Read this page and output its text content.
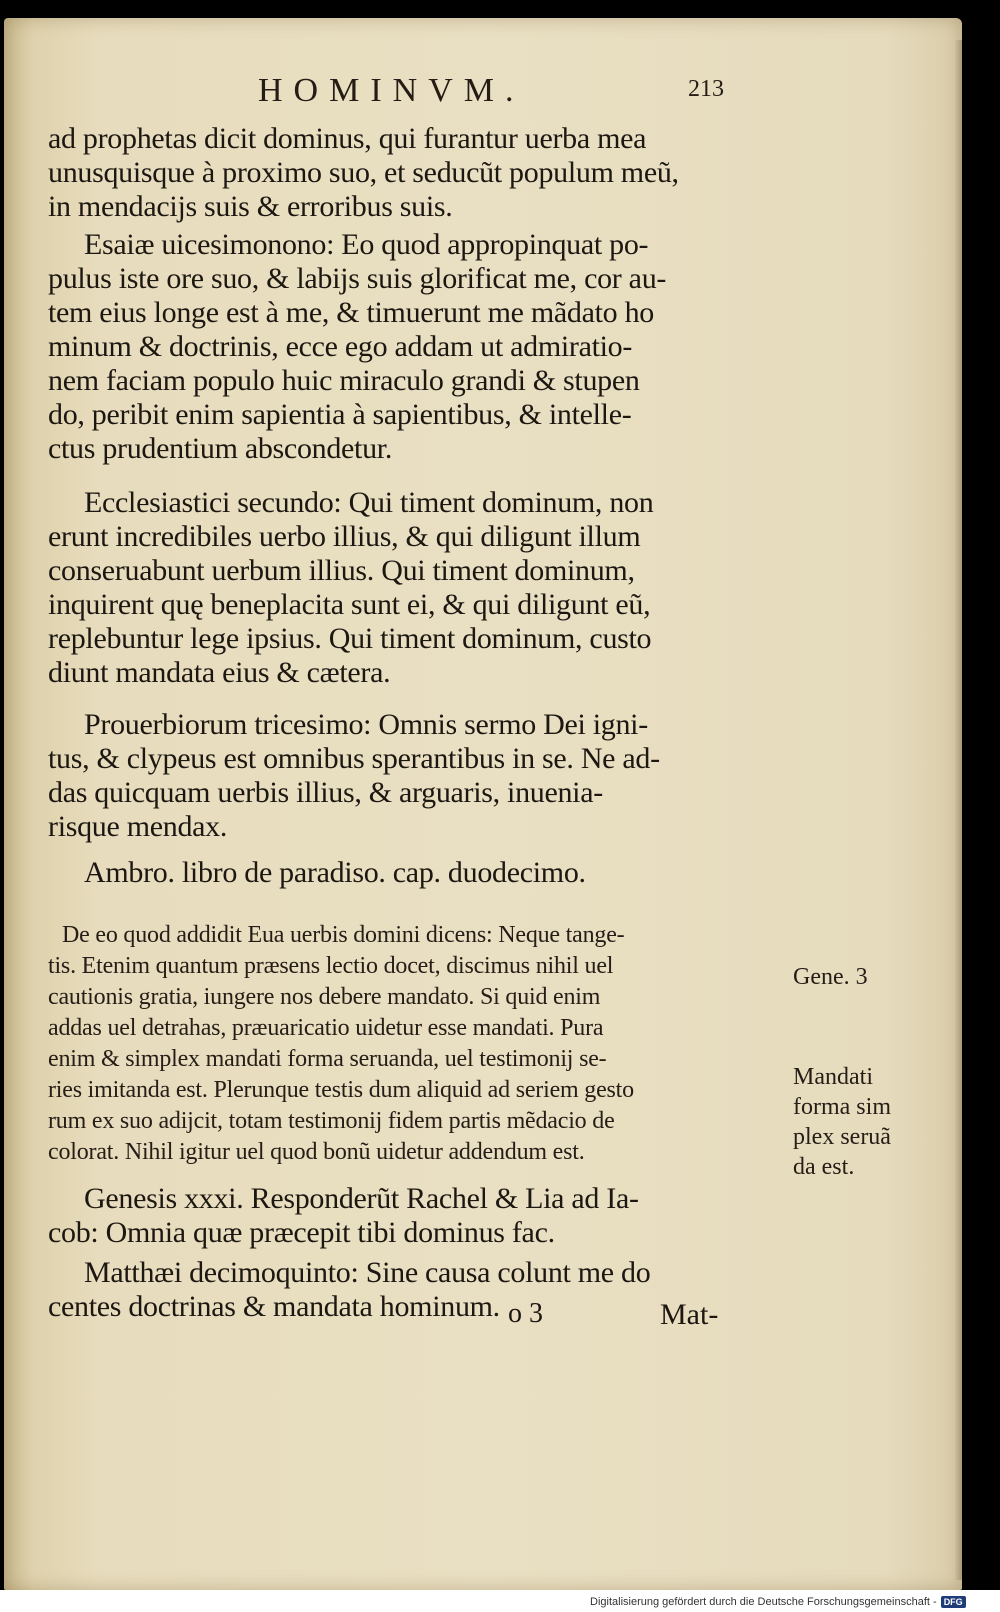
HOMINVM.	213
ad prophetas dicit dominus, qui furantur uerba mea
unusquisque à proximo suo, et seducũt populum meũ,
in mendacijs suis & erroribus suis.
Esaiæ uicesimonono: Eo quod appropinquat po-
pulus iste ore suo, & labijs suis glorificat me, cor au-
tem eius longe est à me, & timuerunt me mãdato ho
minum & doctrinis, ecce ego addam ut admiratio-
nem faciam populo huic miraculo grandi & stupen
do, peribit enim sapientia à sapientibus, & intelle-
ctus prudentium abscondetur.
Ecclesiastici secundo: Qui timent dominum, non
erunt incredibiles uerbo illius, & qui diligunt illum
conseruabunt uerbum illius. Qui timent dominum,
inquirent quę beneplacita sunt ei, & qui diligunt eũ,
replebuntur lege ipsius. Qui timent dominum, custo
diunt mandata eius & cætera.
Prouerbiorum tricesimo: Omnis sermo Dei igni-
tus, & clypeus est omnibus sperantibus in se. Ne ad-
das quicquam uerbis illius, & arguaris, inuenia-
risque mendax.
Ambro. libro de paradiso. cap. duodecimo.
De eo quod addidit Eua uerbis domini dicens: Neque tange-
tis. Etenim quantum præsens lectio docet, discimus nihil uel
cautionis gratia, iungere nos debere mandato. Si quid enim
addas uel detrahas, præuaricatio uidetur esse mandati. Pura
enim & simplex mandati forma seruanda, uel testimonij se-
ries imitanda est. Plerunque testis dum aliquid ad seriem gesto
rum ex suo adijcit, totam testimonij fidem partis mẽdacio de
colorat. Nihil igitur uel quod bonũ uidetur addendum est.
Gene. 3
Mandati
forma sim
plex seruã
da est.
Genesis xxxi. Responderũt Rachel & Lia ad Ia-
cob: Omnia quæ præcepit tibi dominus fac.
Matthæi decimoquinto: Sine causa colunt me do
centes doctrinas & mandata hominum. o 3	Mat-
Digitalisierung gefördert durch die Deutsche Forschungsgemeinschaft - DFG
